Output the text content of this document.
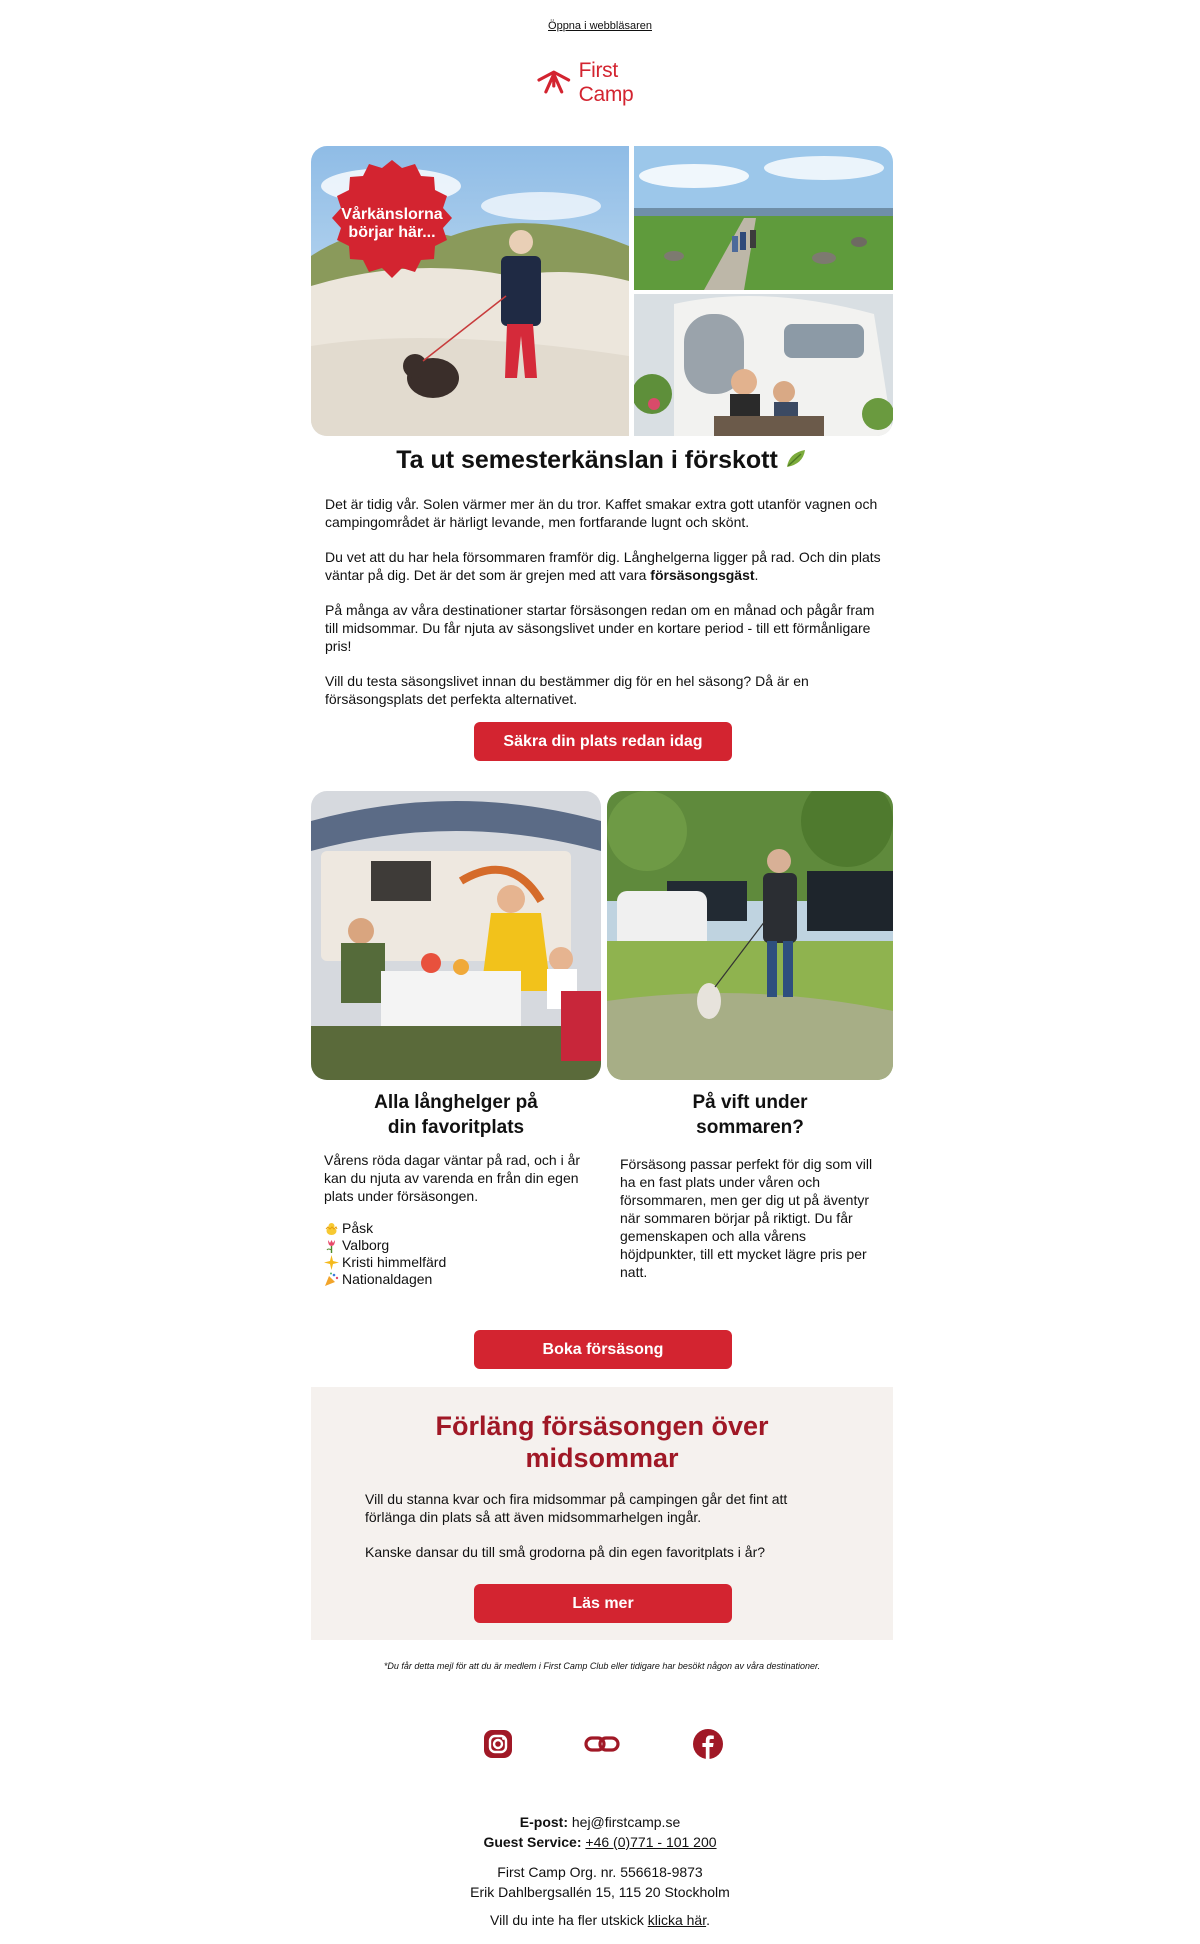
Öppna i webbläsaren
First Camp
Vårkänslorna
börjar här...
Ta ut semesterkänslan i förskott

Det är tidig vår. Solen värmer mer än du tror. Kaffet smakar extra gott utanför vagnen och campingområdet är härligt levande, men fortfarande lugnt och skönt.

Du vet att du har hela försommaren framför dig. Långhelgerna ligger på rad. Och din plats väntar på dig. Det är det som är grejen med att vara försäsongsgäst.

På många av våra destinationer startar försäsongen redan om en månad och pågår fram till midsommar. Du får njuta av säsongslivet under en kortare period - till ett förmånligare pris!

Vill du testa säsongslivet innan du bestämmer dig för en hel säsong? Då är en försäsongsplats det perfekta alternativet.

Säkra din plats redan idag

Alla långhelger på

din favoritplats

Vårens röda dagar väntar på rad, och i år kan du njuta av varenda en från din egen plats under försäsongen.

Påsk
Valborg
Kristi himmelfärd
Nationaldagen

På vift under

sommaren?

Försäsong passar perfekt för dig som vill ha en fast plats under våren och försommaren, men ger dig ut på äventyr när sommaren börjar på riktigt. Du får gemenskapen och alla vårens höjdpunkter, till ett mycket lägre pris per natt.

Boka försäsong
Förläng försäsongen över
midsommar

Vill du stanna kvar och fira midsommar på campingen går det fint att förlänga din plats så att även midsommarhelgen ingår.

Kanske dansar du till små grodorna på din egen favoritplats i år?

Läs mer
*Du får detta mejl för att du är medlem i First Camp Club eller tidigare har besökt någon av våra destinationer.
E-post: hej@firstcamp.se
Guest Service: +46 (0)771 - 101 200
First Camp Org. nr. 556618-9873
Erik Dahlbergsallén 15, 115 20 Stockholm
Vill du inte ha fler utskick klicka här.
